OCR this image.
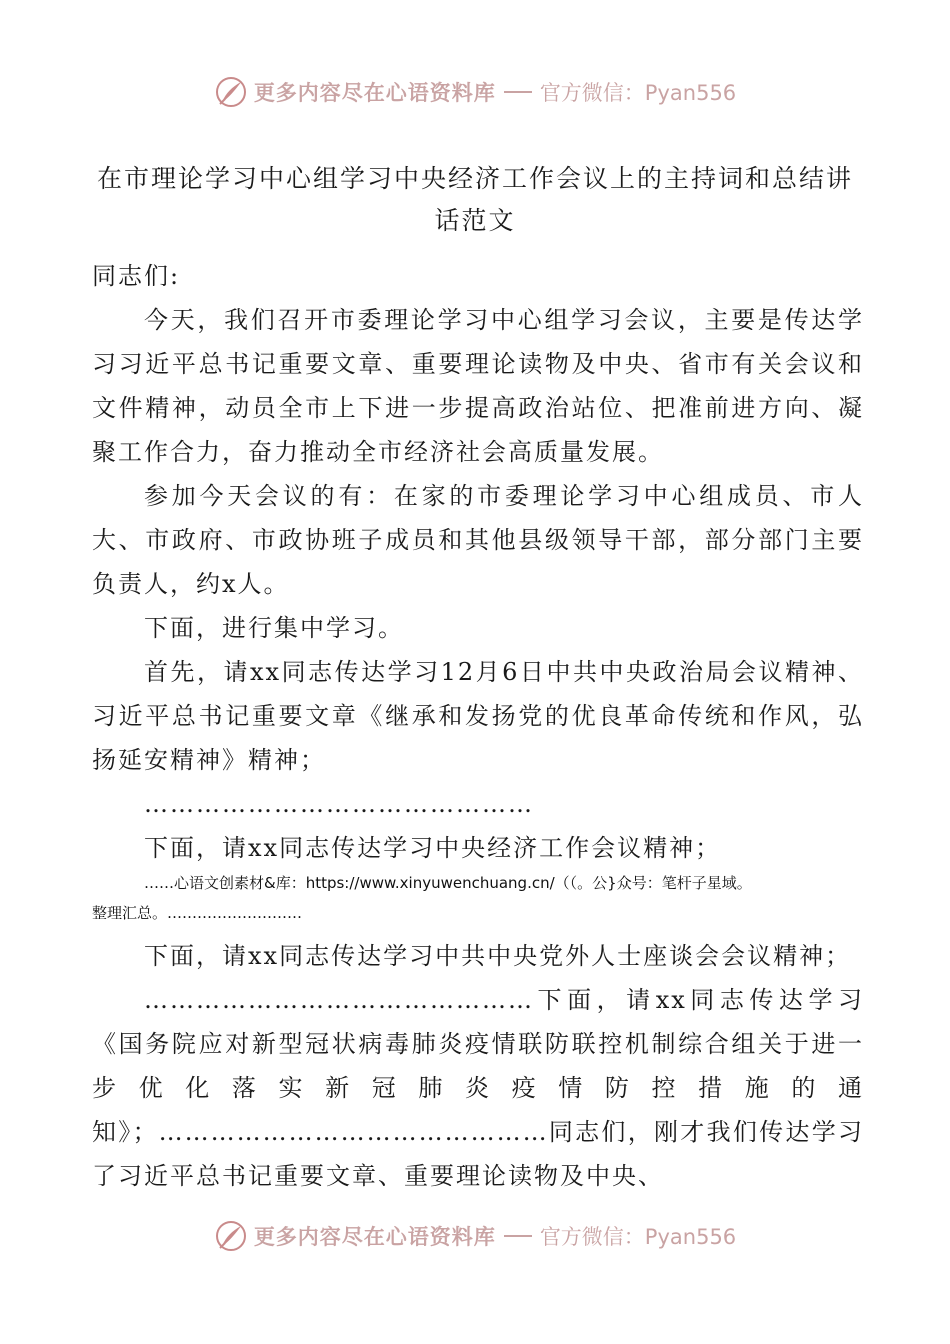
更多内容尽在心语资料库 官方微信：Pyan556
在市理论学习中心组学习中央经济工作会议上的主持词和总结讲话范文

同志们:

今天，我们召开市委理论学习中心组学习会议，主要是传达学习习近平总书记重要文章、重要理论读物及中央、省市有关会议和文件精神，动员全市上下进一步提高政治站位、把准前进方向、凝聚工作合力，奋力推动全市经济社会高质量发展。

参加今天会议的有：在家的市委理论学习中心组成员、市人大、市政府、市政协班子成员和其他县级领导干部，部分部门主要负责人，约x人。

下面，进行集中学习。

首先，请xx同志传达学习12月6日中共中央政治局会议精神、习近平总书记重要文章《继承和发扬党的优良革命传统和作风，弘扬延安精神》精神；

………………………………………

下面，请xx同志传达学习中央经济工作会议精神；

……心语文创素材&库：https://www.xinyuwenchuang.cn/（（。公}众号：笔杆子星域。
整理汇总。………………………

下面，请xx同志传达学习中共中央党外人士座谈会会议精神；

………………………………………下面，请xx同志传达学习《国务院应对新型冠状病毒肺炎疫情联防联控机制综合组关于进一步优化落实新冠肺炎疫情防控措施的通知》；………………………………………同志们，刚才我们传达学习了习近平总书记重要文章、重要理论读物及中央、

更多内容尽在心语资料库 官方微信：Pyan556
